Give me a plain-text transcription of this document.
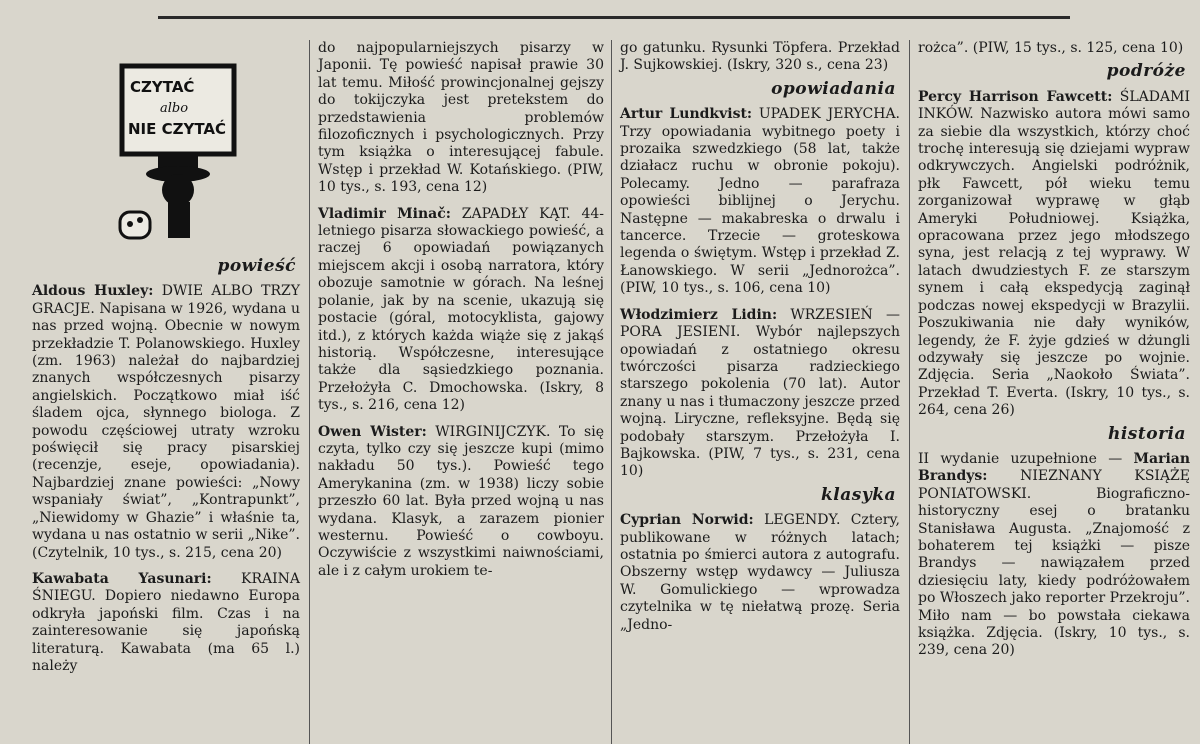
CZYTAĆ
albo
NIE CZYTAĆ
powieść

Aldous Huxley: DWIE ALBO TRZY GRACJE. Napisana w 1926, wydana u nas przed wojną. Obecnie w nowym przekładzie T. Polanowskiego. Huxley (zm. 1963) należał do najbardziej znanych współczesnych pisarzy angielskich. Początkowo miał iść śladem ojca, słynnego biologa. Z powodu częściowej utraty wzroku poświęcił się pracy pisarskiej (recenzje, eseje, opowiadania). Najbardziej znane powieści: „Nowy wspaniały świat”, „Kontrapunkt”, „Niewidomy w Ghazie” i właśnie ta, wydana u nas ostatnio w serii „Nike”. (Czytelnik, 10 tys., s. 215, cena 20)

Kawabata Yasunari: KRAINA ŚNIEGU. Dopiero niedawno Europa odkryła japoński film. Czas i na zainteresowanie się japońską literaturą. Kawabata (ma 65 l.) należy

do najpopularniejszych pisarzy w Japonii. Tę powieść napisał prawie 30 lat temu. Miłość prowincjonalnej gejszy do tokijczyka jest pretekstem do przedstawienia problemów filozoficznych i psychologicznych. Przy tym książka o interesującej fabule. Wstęp i przekład W. Kotańskiego. (PIW, 10 tys., s. 193, cena 12)

Vladimir Minač: ZAPADŁY KĄT. 44-letniego pisarza słowackiego powieść, a raczej 6 opowiadań powiązanych miejscem akcji i osobą narratora, który obozuje samotnie w górach. Na leśnej polanie, jak by na scenie, ukazują się postacie (góral, motocyklista, gajowy itd.), z których każda wiąże się z jakąś historią. Współczesne, interesujące także dla sąsiedzkiego poznania. Przełożyła C. Dmochowska. (Iskry, 8 tys., s. 216, cena 12)

Owen Wister: WIRGINIJCZYK. To się czyta, tylko czy się jeszcze kupi (mimo nakładu 50 tys.). Powieść tego Amerykanina (zm. w 1938) liczy sobie przeszło 60 lat. Była przed wojną u nas wydana. Klasyk, a zarazem pionier westernu. Powieść o cowboyu. Oczywiście z wszystkimi naiwnościami, ale i z całym urokiem te-

go gatunku. Rysunki Töpfera. Przekład J. Sujkowskiej. (Iskry, 320 s., cena 23)

opowiadania

Artur Lundkvist: UPADEK JERYCHA. Trzy opowiadania wybitnego poety i prozaika szwedzkiego (58 lat, także działacz ruchu w obronie pokoju). Polecamy. Jedno — parafraza opowieści biblijnej o Jerychu. Następne — makabreska o drwalu i tancerce. Trzecie — groteskowa legenda o świętym. Wstęp i przekład Z. Łanowskiego. W serii „Jednorożca”. (PIW, 10 tys., s. 106, cena 10)

Włodzimierz Lidin: WRZESIEŃ — PORA JESIENI. Wybór najlepszych opowiadań z ostatniego okresu twórczości pisarza radzieckiego starszego pokolenia (70 lat). Autor znany u nas i tłumaczony jeszcze przed wojną. Liryczne, refleksyjne. Będą się podobały starszym. Przełożyła I. Bajkowska. (PIW, 7 tys., s. 231, cena 10)

klasyka

Cyprian Norwid: LEGENDY. Cztery, publikowane w różnych latach; ostatnia po śmierci autora z autografu. Obszerny wstęp wydawcy — Juliusza W. Gomulickiego — wprowadza czytelnika w tę niełatwą prozę. Seria „Jedno-

rożca”. (PIW, 15 tys., s. 125, cena 10)

podróże

Percy Harrison Fawcett: ŚLADAMI INKÓW. Nazwisko autora mówi samo za siebie dla wszystkich, którzy choć trochę interesują się dziejami wypraw odkrywczych. Angielski podróżnik, płk Fawcett, pół wieku temu zorganizował wyprawę w głąb Ameryki Południowej. Książka, opracowana przez jego młodszego syna, jest relacją z tej wyprawy. W latach dwudziestych F. ze starszym synem i całą ekspedycją zaginął podczas nowej ekspedycji w Brazylii. Poszukiwania nie dały wyników, legendy, że F. żyje gdzieś w dżungli odzywały się jeszcze po wojnie. Zdjęcia. Seria „Naokoło Świata”. Przekład T. Everta. (Iskry, 10 tys., s. 264, cena 26)

historia

II wydanie uzupełnione — Marian Brandys: NIEZNANY KSIĄŻĘ PONIATOWSKI. Biograficzno-historyczny esej o bratanku Stanisława Augusta. „Znajomość z bohaterem tej książki — pisze Brandys — nawiązałem przed dziesięciu laty, kiedy podróżowałem po Włoszech jako reporter Przekroju”. Miło nam — bo powstała ciekawa książka. Zdjęcia. (Iskry, 10 tys., s. 239, cena 20)
